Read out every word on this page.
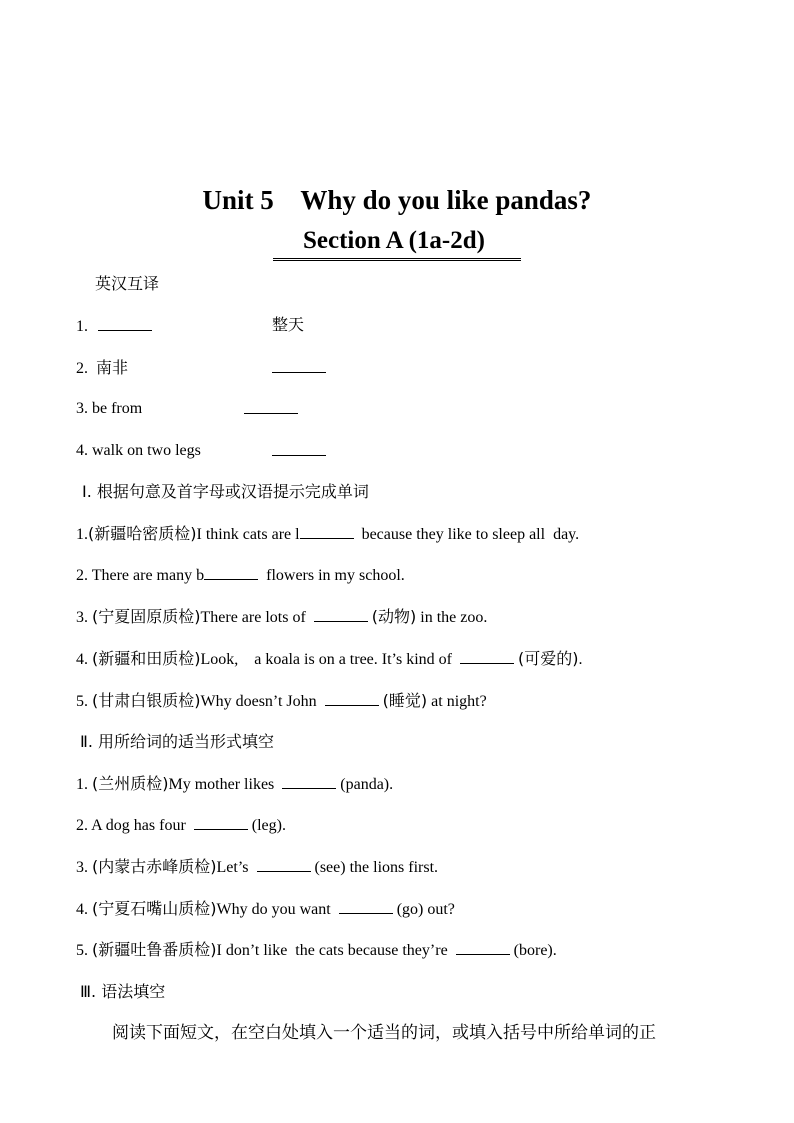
Unit 5    Why do you like pandas?
Section A (1a-2d)
英汉互译
1.	整天
2. 南非
3. be from
4. walk on two legs
Ⅰ. 根据句意及首字母或汉语提示完成单词
1.(新疆哈密质检)I think cats are l	because they like to sleep all  day.
2. There are many b	flowers in my school.
3. (宁夏固原质检)There are lots of	(动物) in the zoo.
4. (新疆和田质检)Look,    a koala is on a tree. It’s kind of	(可爱的).
5. (甘肃白银质检)Why doesn’t John	(睡觉) at night?
Ⅱ. 用所给词的适当形式填空
1. (兰州质检)My mother likes	(panda).
2. A dog has four	(leg).
3. (内蒙古赤峰质检)Let’s	(see) the lions first.
4. (宁夏石嘴山质检)Why do you want	(go) out?
5. (新疆吐鲁番质检)I don’t like  the cats because they’re	(bore).
Ⅲ. 语法填空
阅读下面短文，在空白处填入一个适当的词，或填入括号中所给单词的正
